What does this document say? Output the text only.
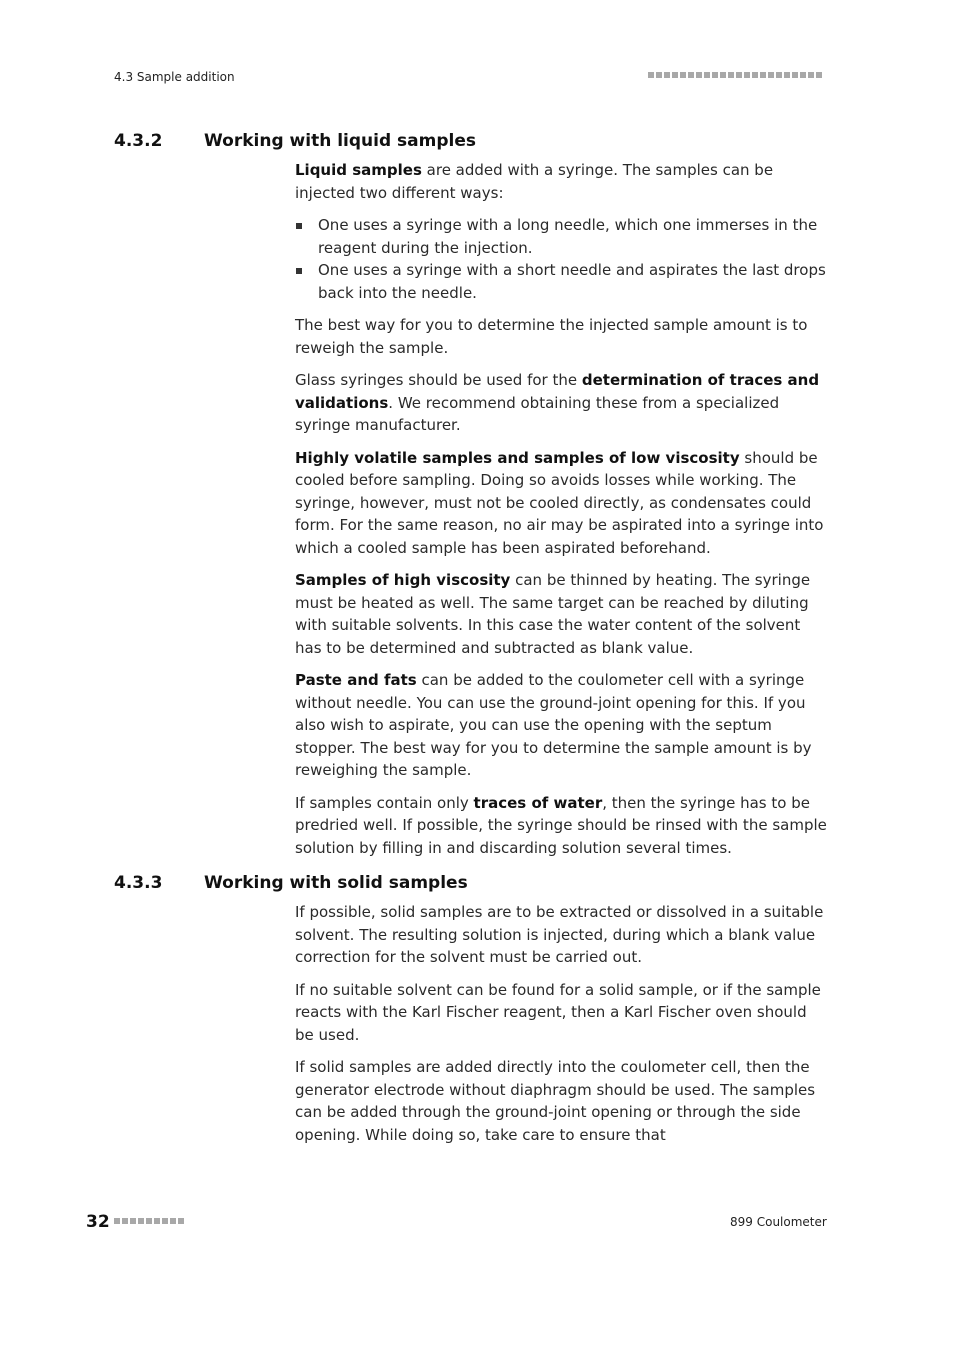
4.3 Sample addition
4.3.2 Working with liquid samples

Liquid samples are added with a syringe. The samples can be injected two different ways:

One uses a syringe with a long needle, which one immerses in the reagent during the injection.
One uses a syringe with a short needle and aspirates the last drops back into the needle.

The best way for you to determine the injected sample amount is to reweigh the sample.

Glass syringes should be used for the determination of traces and validations. We recommend obtaining these from a specialized syringe manufacturer.

Highly volatile samples and samples of low viscosity should be cooled before sampling. Doing so avoids losses while working. The syringe, however, must not be cooled directly, as condensates could form. For the same reason, no air may be aspirated into a syringe into which a cooled sample has been aspirated beforehand.

Samples of high viscosity can be thinned by heating. The syringe must be heated as well. The same target can be reached by diluting with suitable solvents. In this case the water content of the solvent has to be determined and subtracted as blank value.

Paste and fats can be added to the coulometer cell with a syringe without needle. You can use the ground-joint opening for this. If you also wish to aspirate, you can use the opening with the septum stopper. The best way for you to determine the sample amount is by reweighing the sample.

If samples contain only traces of water, then the syringe has to be predried well. If possible, the syringe should be rinsed with the sample solution by filling in and discarding solution several times.

4.3.3 Working with solid samples

If possible, solid samples are to be extracted or dissolved in a suitable solvent. The resulting solution is injected, during which a blank value correction for the solvent must be carried out.

If no suitable solvent can be found for a solid sample, or if the sample reacts with the Karl Fischer reagent, then a Karl Fischer oven should be used.

If solid samples are added directly into the coulometer cell, then the generator electrode without diaphragm should be used. The samples can be added through the ground-joint opening or through the side opening. While doing so, take care to ensure that

32	899 Coulometer
